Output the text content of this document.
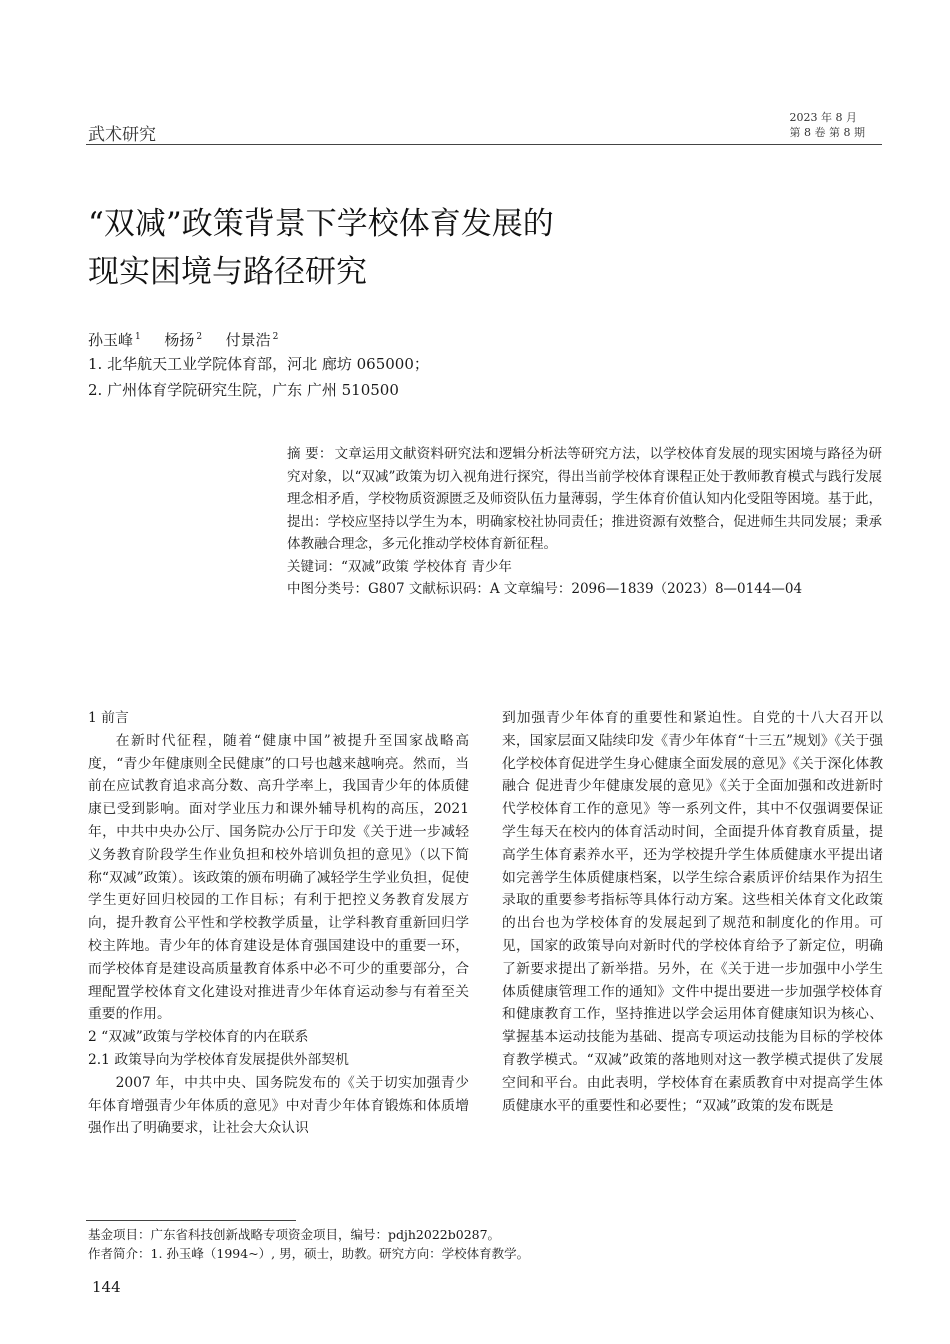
武术研究
2023 年 8 月
第 8 卷 第 8 期
“双减”政策背景下学校体育发展的
现实困境与路径研究
孙玉峰 $^1$ 杨扬 $^2$ 付景浩 $^2$
1. 北华航天工业学院体育部，河北 廊坊 065000；
2. 广州体育学院研究生院，广东 广州 510500

摘 要： 文章运用文献资料研究法和逻辑分析法等研究方法，以学校体育发展的现实困境与路径为研究对象，以“双减”政策为切入视角进行探究，得出当前学校体育课程正处于教师教育模式与践行发展理念相矛盾，学校物质资源匮乏及师资队伍力量薄弱，学生体育价值认知内化受阻等困境。基于此，提出：学校应坚持以学生为本，明确家校社协同责任；推进资源有效整合，促进师生共同发展；秉承体教融合理念，多元化推动学校体育新征程。

关键词：“双减”政策 学校体育 青少年

中图分类号：G807 文献标识码：A 文章编号：2096—1839（2023）8—0144—04

1 前言

在新时代征程，随着“健康中国”被提升至国家战略高度，“青少年健康则全民健康”的口号也越来越响亮。然而，当前在应试教育追求高分数、高升学率上，我国青少年的体质健康已受到影响。面对学业压力和课外辅导机构的高压，2021年，中共中央办公厅、国务院办公厅于印发《关于进一步减轻义务教育阶段学生作业负担和校外培训负担的意见》（以下简称“双减”政策）。该政策的颁布明确了减轻学生学业负担，促使学生更好回归校园的工作目标；有利于把控义务教育发展方向，提升教育公平性和学校教学质量，让学科教育重新回归学校主阵地。青少年的体育建设是体育强国建设中的重要一环，而学校体育是建设高质量教育体系中必不可少的重要部分，合理配置学校体育文化建设对推进青少年体育运动参与有着至关重要的作用。

2 “双减”政策与学校体育的内在联系

2.1 政策导向为学校体育发展提供外部契机

2007 年，中共中央、国务院发布的《关于切实加强青少年体育增强青少年体质的意见》中对青少年体育锻炼和体质增强作出了明确要求，让社会大众认识

到加强青少年体育的重要性和紧迫性。自党的十八大召开以来，国家层面又陆续印发《青少年体育“十三五”规划》《关于强化学校体育促进学生身心健康全面发展的意见》《关于深化体教融合 促进青少年健康发展的意见》《关于全面加强和改进新时代学校体育工作的意见》等一系列文件，其中不仅强调要保证学生每天在校内的体育活动时间，全面提升体育教育质量，提高学生体育素养水平，还为学校提升学生体质健康水平提出诸如完善学生体质健康档案，以学生综合素质评价结果作为招生录取的重要参考指标等具体行动方案。这些相关体育文化政策的出台也为学校体育的发展起到了规范和制度化的作用。可见，国家的政策导向对新时代的学校体育给予了新定位，明确了新要求提出了新举措。另外，在《关于进一步加强中小学生体质健康管理工作的通知》文件中提出要进一步加强学校体育和健康教育工作，坚持推进以学会运用体育健康知识为核心、掌握基本运动技能为基础、提高专项运动技能为目标的学校体育教学模式。“双减”政策的落地则对这一教学模式提供了发展空间和平台。由此表明，学校体育在素质教育中对提高学生体质健康水平的重要性和必要性；“双减”政策的发布既是

基金项目：广东省科技创新战略专项资金项目，编号：pdjh2022b0287。
作者简介：1. 孙玉峰（1994~）, 男，硕士，助教。研究方向：学校体育教学。
144
